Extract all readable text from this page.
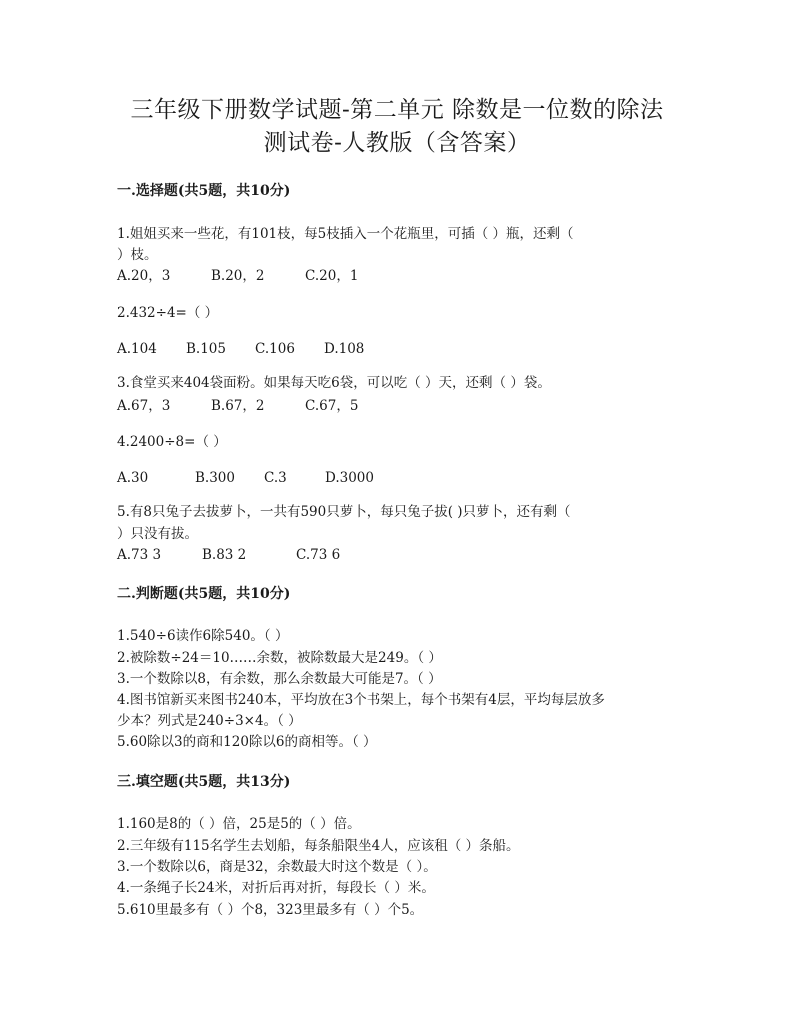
三年级下册数学试题-第二单元 除数是一位数的除法
测试卷-人教版（含答案）
一.选择题(共5题，共10分)
1.姐姐买来一些花，有101枝，每5枝插入一个花瓶里，可插（ ）瓶，还剩（
）枝。
A.20，3	B.20，2	C.20，1
2.432÷4=（ ）
A.104 B.105 C.106 D.108
3.食堂买来404袋面粉。如果每天吃6袋，可以吃（ ）天，还剩（ ）袋。
A.67，3	B.67，2	C.67，5
4.2400÷8=（ ）
A.30	B.300 C.3	D.3000
5.有8只兔子去拔萝卜，一共有590只萝卜，每只兔子拔( )只萝卜，还有剩（
）只没有拔。
A.73 3	B.83 2	C.73 6
二.判断题(共5题，共10分)
1.540÷6读作6除540。（ ）
2.被除数÷24＝10……余数，被除数最大是249。（ ）
3.一个数除以8，有余数，那么余数最大可能是7。（ ）
4.图书馆新买来图书240本，平均放在3个书架上，每个书架有4层，平均每层放多
少本？列式是240÷3×4。（ ）
5.60除以3的商和120除以6的商相等。（ ）
三.填空题(共5题，共13分)
1.160是8的（ ）倍，25是5的（ ）倍。
2.三年级有115名学生去划船，每条船限坐4人，应该租（ ）条船。
3.一个数除以6，商是32，余数最大时这个数是（ ）。
4.一条绳子长24米，对折后再对折，每段长（ ）米。
5.610里最多有（ ）个8，323里最多有（ ）个5。
